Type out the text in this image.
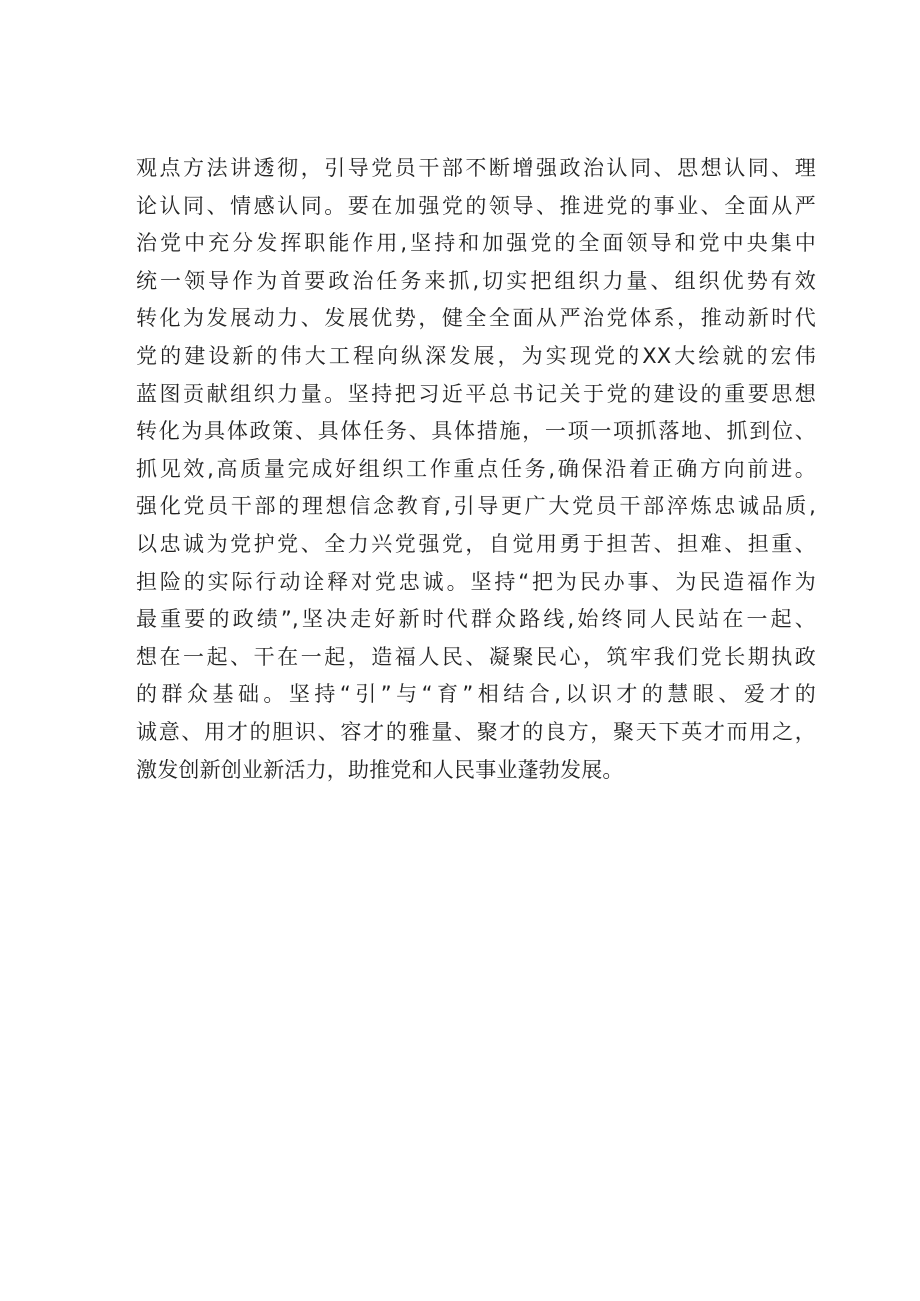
观点方法讲透彻，引导党员干部不断增强政治认同、思想认同、理
论认同、情感认同。要在加强党的领导、推进党的事业、全面从严
治党中充分发挥职能作用,坚持和加强党的全面领导和党中央集中
统一领导作为首要政治任务来抓,切实把组织力量、组织优势有效
转化为发展动力、发展优势，健全全面从严治党体系，推动新时代
党的建设新的伟大工程向纵深发展，为实现党的XX大绘就的宏伟
蓝图贡献组织力量。坚持把习近平总书记关于党的建设的重要思想
转化为具体政策、具体任务、具体措施，一项一项抓落地、抓到位、
抓见效,高质量完成好组织工作重点任务,确保沿着正确方向前进。
强化党员干部的理想信念教育,引导更广大党员干部淬炼忠诚品质,
以忠诚为党护党、全力兴党强党，自觉用勇于担苦、担难、担重、
担险的实际行动诠释对党忠诚。坚持“把为民办事、为民造福作为
最重要的政绩”,坚决走好新时代群众路线,始终同人民站在一起、
想在一起、干在一起，造福人民、凝聚民心，筑牢我们党长期执政
的群众基础。坚持“引”与“育”相结合,以识才的慧眼、爱才的
诚意、用才的胆识、容才的雅量、聚才的良方，聚天下英才而用之，
激发创新创业新活力，助推党和人民事业蓬勃发展。
